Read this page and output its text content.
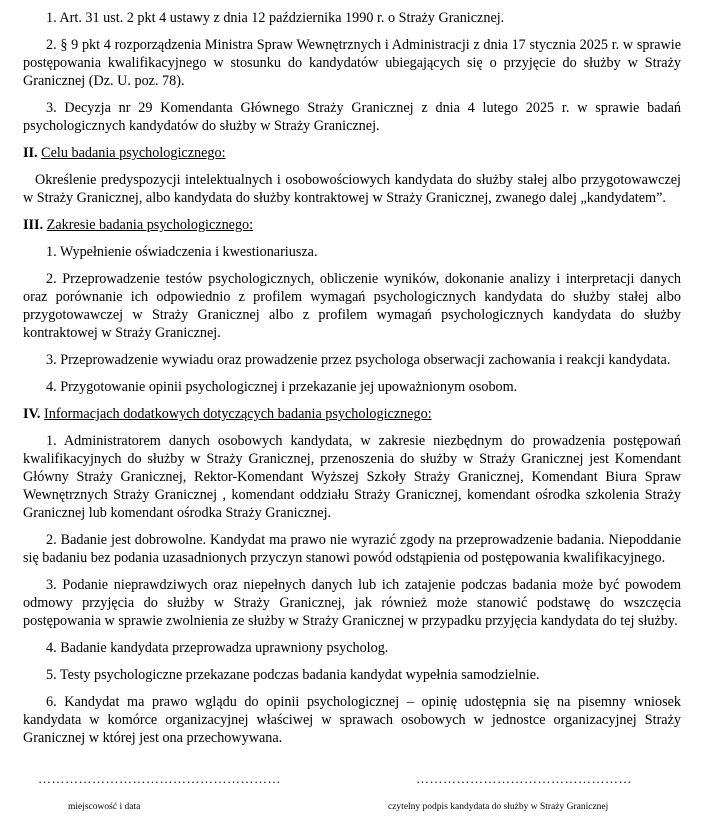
1. Art. 31 ust. 2 pkt 4 ustawy z dnia 12 października 1990 r. o Straży Granicznej.

2. § 9 pkt 4 rozporządzenia Ministra Spraw Wewnętrznych i Administracji z dnia 17 stycznia 2025 r. w sprawie postępowania kwalifikacyjnego w stosunku do kandydatów ubiegających się o przyjęcie do służby w Straży Granicznej (Dz. U. poz. 78).

3. Decyzja nr 29 Komendanta Głównego Straży Granicznej z dnia 4 lutego 2025 r. w sprawie badań psychologicznych kandydatów do służby w Straży Granicznej.

II. Celu badania psychologicznego:

Określenie predyspozycji intelektualnych i osobowościowych kandydata do służby stałej albo przygotowawczej w Straży Granicznej, albo kandydata do służby kontraktowej w Straży Granicznej, zwanego dalej „kandydatem”.

III. Zakresie badania psychologicznego:

1. Wypełnienie oświadczenia i kwestionariusza.

2. Przeprowadzenie testów psychologicznych, obliczenie wyników, dokonanie analizy i interpretacji danych oraz porównanie ich odpowiednio z profilem wymagań psychologicznych kandydata do służby stałej albo przygotowawczej w Straży Granicznej albo z profilem wymagań psychologicznych kandydata do służby kontraktowej w Straży Granicznej.

3. Przeprowadzenie wywiadu oraz prowadzenie przez psychologa obserwacji zachowania i reakcji kandydata.

4. Przygotowanie opinii psychologicznej i przekazanie jej upoważnionym osobom.

IV. Informacjach dodatkowych dotyczących badania psychologicznego:

1. Administratorem danych osobowych kandydata, w zakresie niezbędnym do prowadzenia postępowań kwalifikacyjnych do służby w Straży Granicznej, przenoszenia do służby w Straży Granicznej jest Komendant Główny Straży Granicznej, Rektor-Komendant Wyższej Szkoły Straży Granicznej, Komendant Biura Spraw Wewnętrznych Straży Granicznej , komendant oddziału Straży Granicznej, komendant ośrodka szkolenia Straży Granicznej lub komendant ośrodka Straży Granicznej.

2. Badanie jest dobrowolne. Kandydat ma prawo nie wyrazić zgody na przeprowadzenie badania. Niepoddanie się badaniu bez podania uzasadnionych przyczyn stanowi powód odstąpienia od postępowania kwalifikacyjnego.

3. Podanie nieprawdziwych oraz niepełnych danych lub ich zatajenie podczas badania może być powodem odmowy przyjęcia do służby w Straży Granicznej, jak również może stanowić podstawę do wszczęcia postępowania w sprawie zwolnienia ze służby w Straży Granicznej w przypadku przyjęcia kandydata do tej służby.

4. Badanie kandydata przeprowadza uprawniony psycholog.

5. Testy psychologiczne przekazane podczas badania kandydat wypełnia samodzielnie.

6. Kandydat ma prawo wglądu do opinii psychologicznej – opinię udostępnia się na pisemny wniosek kandydata w komórce organizacyjnej właściwej w sprawach osobowych w jednostce organizacyjnej Straży Granicznej w której jest ona przechowywana.

………………………………………………
miejscowość i data
…………………………………………
czytelny podpis kandydata do służby w Straży Granicznej
